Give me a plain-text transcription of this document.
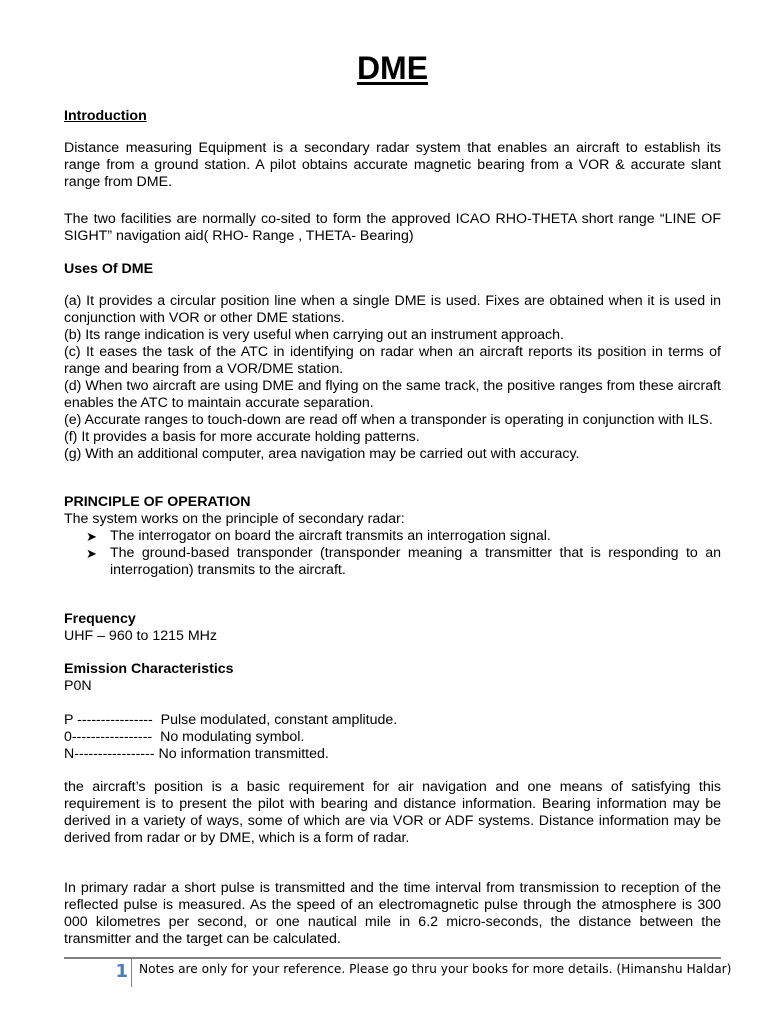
DME

Introduction

Distance measuring Equipment is a secondary radar system that enables an aircraft to establish its range from a ground station. A pilot obtains accurate magnetic bearing from a VOR & accurate slant range from DME.

The two facilities are normally co-sited to form the approved ICAO RHO-THETA short range “LINE OF SIGHT” navigation aid( RHO- Range , THETA- Bearing)

Uses Of DME

(a) It provides a circular position line when a single DME is used. Fixes are obtained when it is used in conjunction with VOR or other DME stations.

(b) Its range indication is very useful when carrying out an instrument approach.

(c) It eases the task of the ATC in identifying on radar when an aircraft reports its position in terms of range and bearing from a VOR/DME station.

(d) When two aircraft are using DME and flying on the same track, the positive ranges from these aircraft enables the ATC to maintain accurate separation.

(e) Accurate ranges to touch-down are read off when a transponder is operating in conjunction with ILS.

(f) It provides a basis for more accurate holding patterns.

(g) With an additional computer, area navigation may be carried out with accuracy.

PRINCIPLE OF OPERATION

The system works on the principle of secondary radar:

➤ The interrogator on board the aircraft transmits an interrogation signal.
➤ The ground-based transponder (transponder meaning a transmitter that is responding to an interrogation) transmits to the aircraft.

Frequency

UHF – 960 to 1215 MHz

Emission Characteristics

P0N

P ----------------  Pulse modulated, constant amplitude.
0-----------------  No modulating symbol.
N----------------- No information transmitted.

the aircraft’s position is a basic requirement for air navigation and one means of satisfying this requirement is to present the pilot with bearing and distance information. Bearing information may be derived in a variety of ways, some of which are via VOR or ADF systems. Distance information may be derived from radar or by DME, which is a form of radar.

In primary radar a short pulse is transmitted and the time interval from transmission to reception of the reflected pulse is measured. As the speed of an electromagnetic pulse through the atmosphere is 300 000 kilometres per second, or one nautical mile in 6.2 micro-seconds, the distance between the transmitter and the target can be calculated.

1 Notes are only for your reference. Please go thru your books for more details. (Himanshu Haldar)
